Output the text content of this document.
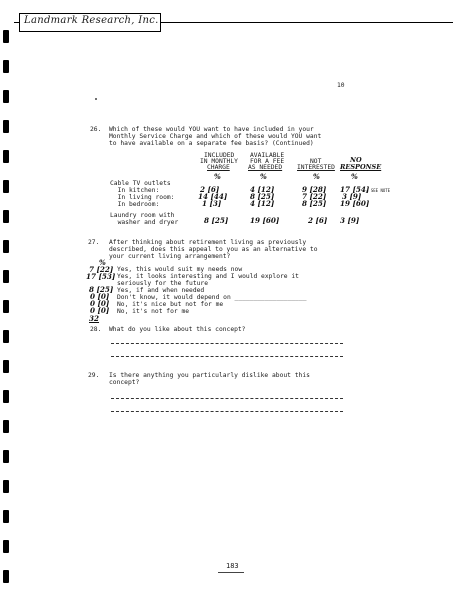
Landmark Research, Inc.
10
26. Which of these would YOU want to have included in your
Monthly Service Charge and which of these would YOU want
to have available on a separate fee basis? (Continued)
INCLUDED
IN MONTHLY
CHARGE
AVAILABLE
FOR A FEE
AS NEEDED
NOT
INTERESTED
NO
RESPONSE
%	%	%	%
Cable TV outlets
In kitchen:	2 [6]	4 [12]	9 [28] 17 [54]
= SEE NOTE
In living room:	14 [44]	8 [25]	7 [22] 3 [9]
In bedroom:	1 [3]	4 [12]	8 [25] 19 [60]
Laundry room with
washer and dryer	8 [25]	19 [60]	2 [6] 3 [9]
27. After thinking about retirement living as previously
described, does this appeal to you as an alternative to
your current living arrangement?
%
7 [22] Yes, this would suit my needs now
17 [53] Yes, it looks interesting and I would explore it
seriously for the future
8 [25] Yes, if and when needed
0 [0] Don't know, it would depend on ___________________
0 [0] No, it's nice but not for me
0 [0] No, it's not for me
32
28. What do you like about this concept?
29. Is there anything you particularly dislike about this
concept?
183
